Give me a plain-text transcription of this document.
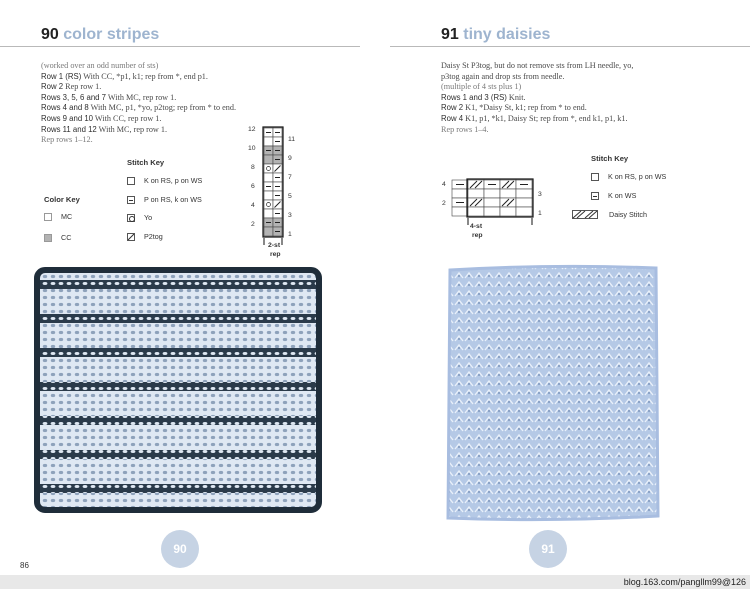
90 color stripes

(worked over an odd number of sts)

Row 1 (RS) With CC, *p1, k1; rep from *, end p1.

Row 2 Rep row 1.

Rows 3, 5, 6 and 7 With MC, rep row 1.

Rows 4 and 8 With MC, p1, *yo, p2tog; rep from * to end.

Rows 9 and 10 With CC, rep row 1.

Rows 11 and 12 With MC, rep row 1.

Rep rows 1–12.

Stitch Key
K on RS, p on WS
P on RS, k on WS
Yo
P2tog
Color Key
MC
CC
12
10
8
6
4
2
11
9
7
5
3
1
2-st
rep
90
91 tiny daisies

Daisy St P3tog, but do not remove sts from LH needle, yo,

p3tog again and drop sts from needle.

(multiple of 4 sts plus 1)

Rows 1 and 3 (RS) Knit.

Row 2 K1, *Daisy St, k1; rep from * to end.

Row 4 K1, p1, *k1, Daisy St; rep from *, end k1, p1, k1.

Rep rows 1–4.

Stitch Key
K on RS, p on WS
K on WS
Daisy Stitch
4
2
3
1
4-st
rep
91
86
blog.163.com/pangllm99@126
